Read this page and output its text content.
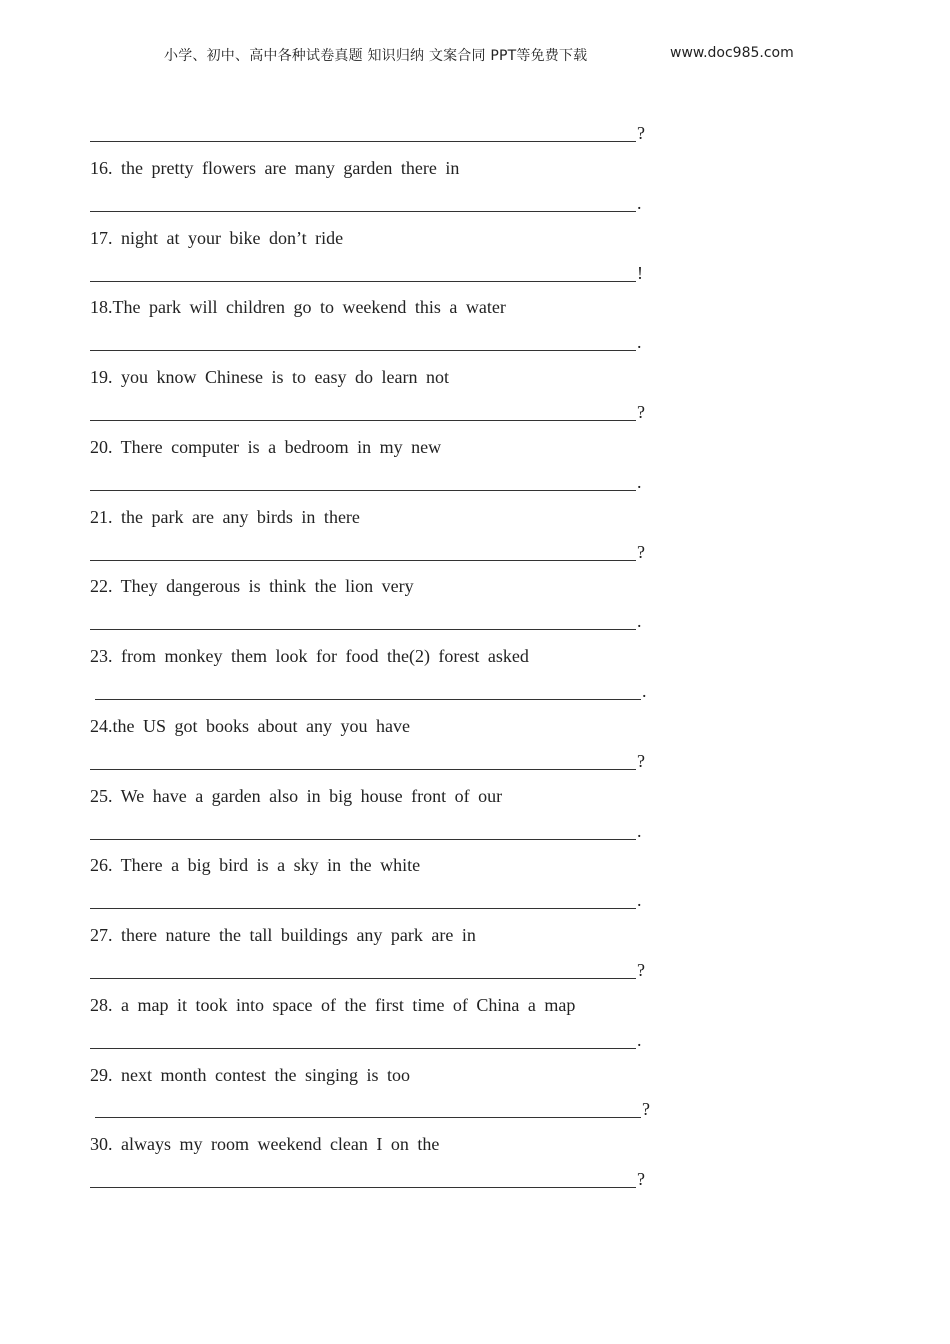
小学、初中、高中各种试卷真题 知识归纳 文案合同 PPT等免费下载	www.doc985.com
?
16. the pretty flowers are many garden there in
.
17. night at your bike don’t ride
!
18.The park will children go to weekend this a water
.
19. you know Chinese is to easy do learn not
?
20. There computer is a bedroom in my new
.
21. the park are any birds in there
?
22. They dangerous is think the lion very
.
23. from monkey them look for food the(2) forest asked
.
24.the US got books about any you have
?
25. We have a garden also in big house front of our
.
26. There a big bird is a sky in the white
.
27. there nature the tall buildings any park are in
?
28. a map it took into space of the first time of China a map
.
29. next month contest the singing is too
?
30. always my room weekend clean I on the
?
